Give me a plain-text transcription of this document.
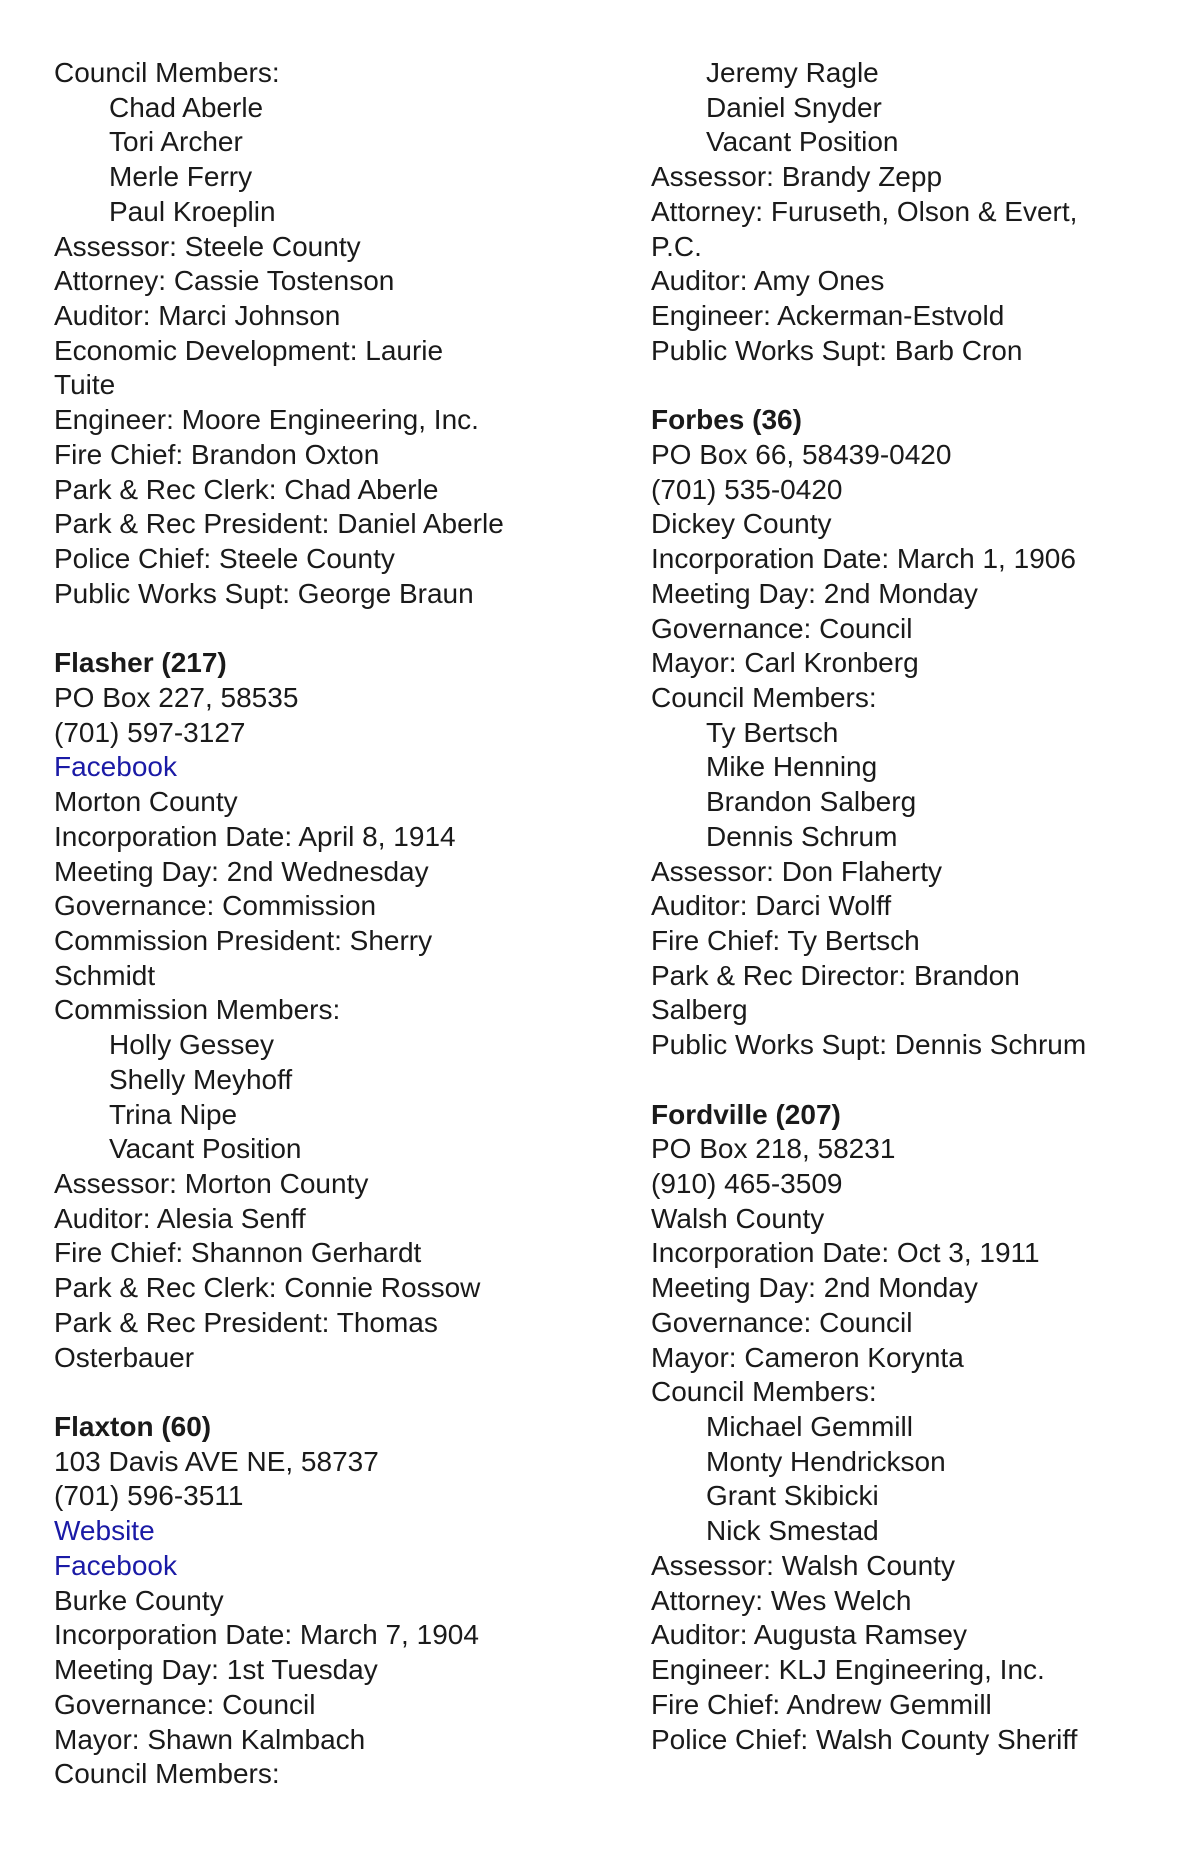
Council Members:
Chad Aberle
Tori Archer
Merle Ferry
Paul Kroeplin
Assessor: Steele County
Attorney: Cassie Tostenson
Auditor: Marci Johnson
Economic Development: Laurie
Tuite
Engineer: Moore Engineering, Inc.
Fire Chief: Brandon Oxton
Park & Rec Clerk: Chad Aberle
Park & Rec President: Daniel Aberle
Police Chief: Steele County
Public Works Supt: George Braun
Flasher (217)
PO Box 227, 58535
(701) 597-3127
Facebook
Morton County
Incorporation Date: April 8, 1914
Meeting Day: 2nd Wednesday
Governance: Commission
Commission President: Sherry
Schmidt
Commission Members:
Holly Gessey
Shelly Meyhoff
Trina Nipe
Vacant Position
Assessor: Morton County
Auditor: Alesia Senff
Fire Chief: Shannon Gerhardt
Park & Rec Clerk: Connie Rossow
Park & Rec President: Thomas
Osterbauer
Flaxton (60)
103 Davis AVE NE, 58737
(701) 596-3511
Website
Facebook
Burke County
Incorporation Date: March 7, 1904
Meeting Day: 1st Tuesday
Governance: Council
Mayor: Shawn Kalmbach
Council Members:
Jeremy Ragle
Daniel Snyder
Vacant Position
Assessor: Brandy Zepp
Attorney: Furuseth, Olson & Evert,
P.C.
Auditor: Amy Ones
Engineer: Ackerman-Estvold
Public Works Supt: Barb Cron
Forbes (36)
PO Box 66, 58439-0420
(701) 535-0420
Dickey County
Incorporation Date: March 1, 1906
Meeting Day: 2nd Monday
Governance: Council
Mayor: Carl Kronberg
Council Members:
Ty Bertsch
Mike Henning
Brandon Salberg
Dennis Schrum
Assessor: Don Flaherty
Auditor: Darci Wolff
Fire Chief: Ty Bertsch
Park & Rec Director: Brandon
Salberg
Public Works Supt: Dennis Schrum
Fordville (207)
PO Box 218, 58231
(910) 465-3509
Walsh County
Incorporation Date: Oct 3, 1911
Meeting Day: 2nd Monday
Governance: Council
Mayor: Cameron Korynta
Council Members:
Michael Gemmill
Monty Hendrickson
Grant Skibicki
Nick Smestad
Assessor: Walsh County
Attorney: Wes Welch
Auditor: Augusta Ramsey
Engineer: KLJ Engineering, Inc.
Fire Chief: Andrew Gemmill
Police Chief: Walsh County Sheriff
